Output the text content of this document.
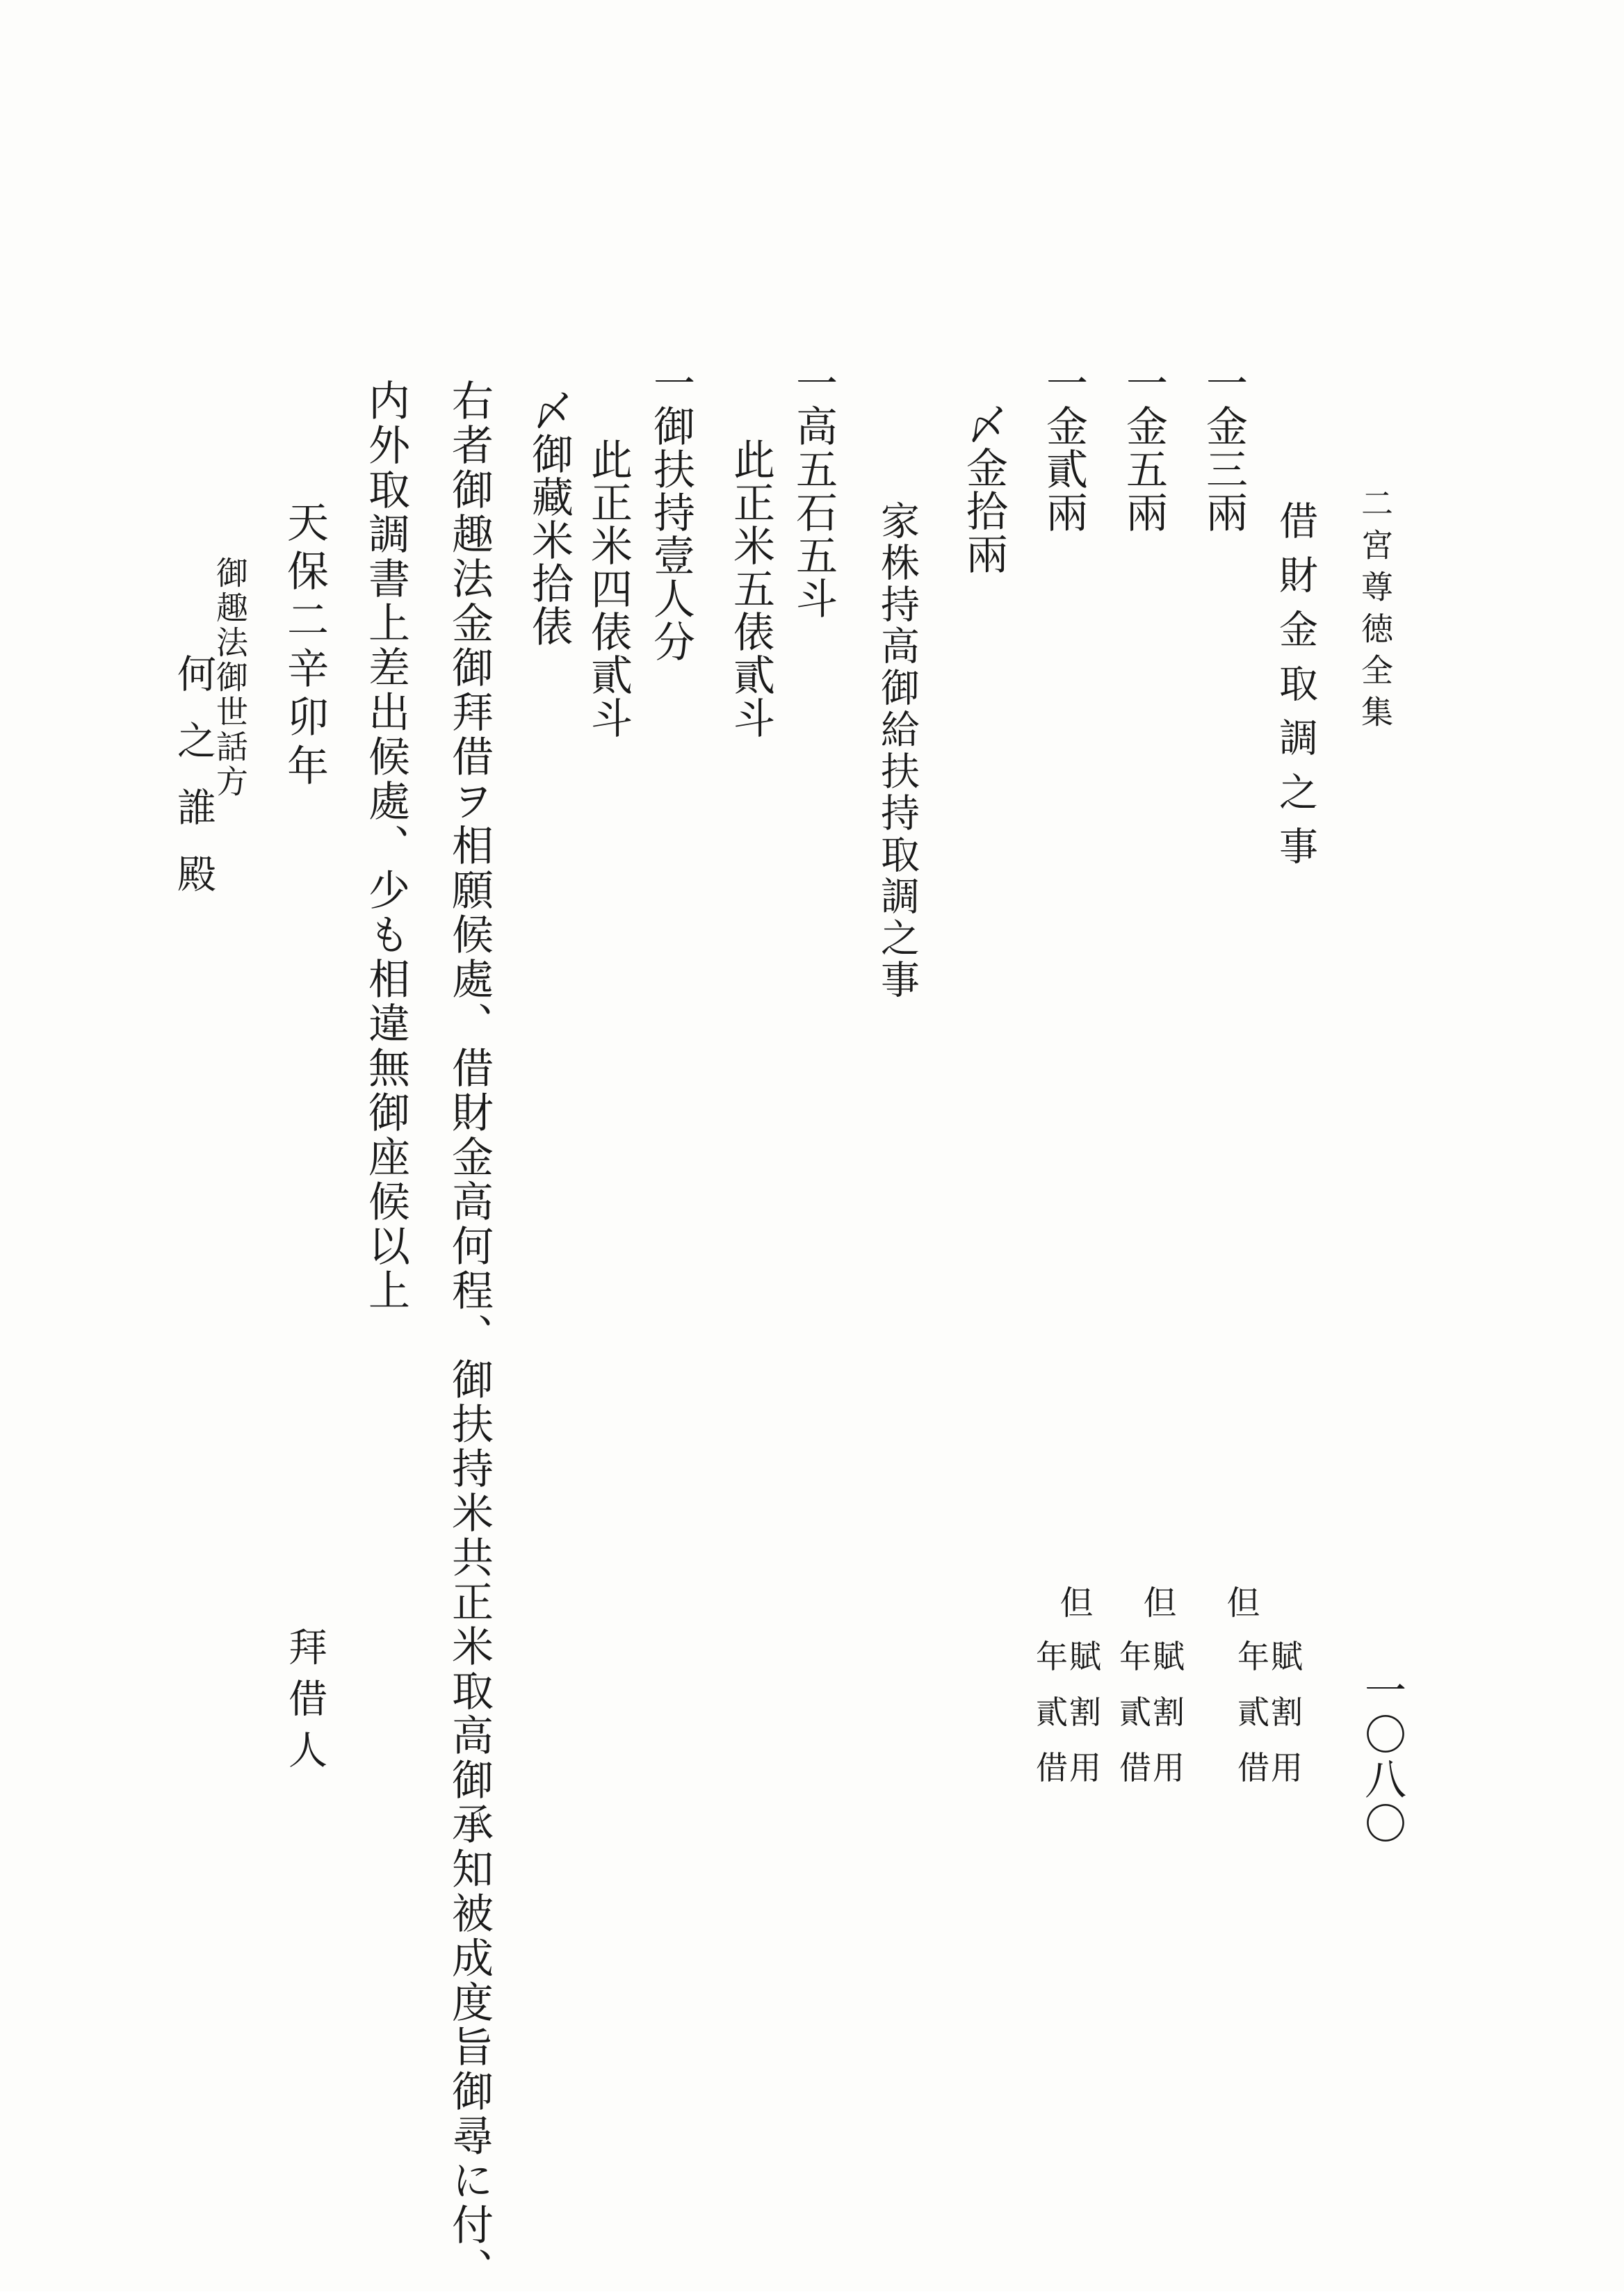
二宮尊徳全集
一〇八〇
借財金取調之事
一金三兩
一金五兩
一金貳兩
〆金拾兩
但
年賦
貳割
借用
但
年賦
貳割
借用
但
年賦
貳割
借用
家株持高御給扶持取調之事
一高五石五斗
此正米五俵貳斗
一御扶持壹人分
此正米四俵貳斗
〆御藏米拾俵
右者御趣法金御拜借ヲ相願候處、借財金高何程、御扶持米共正米取高御承知被成度旨御尋に付、
内外取調書上差出候處、少も相違無御座候以上
天保二辛卯年
拜借人
御趣法御世話方
何之誰殿
